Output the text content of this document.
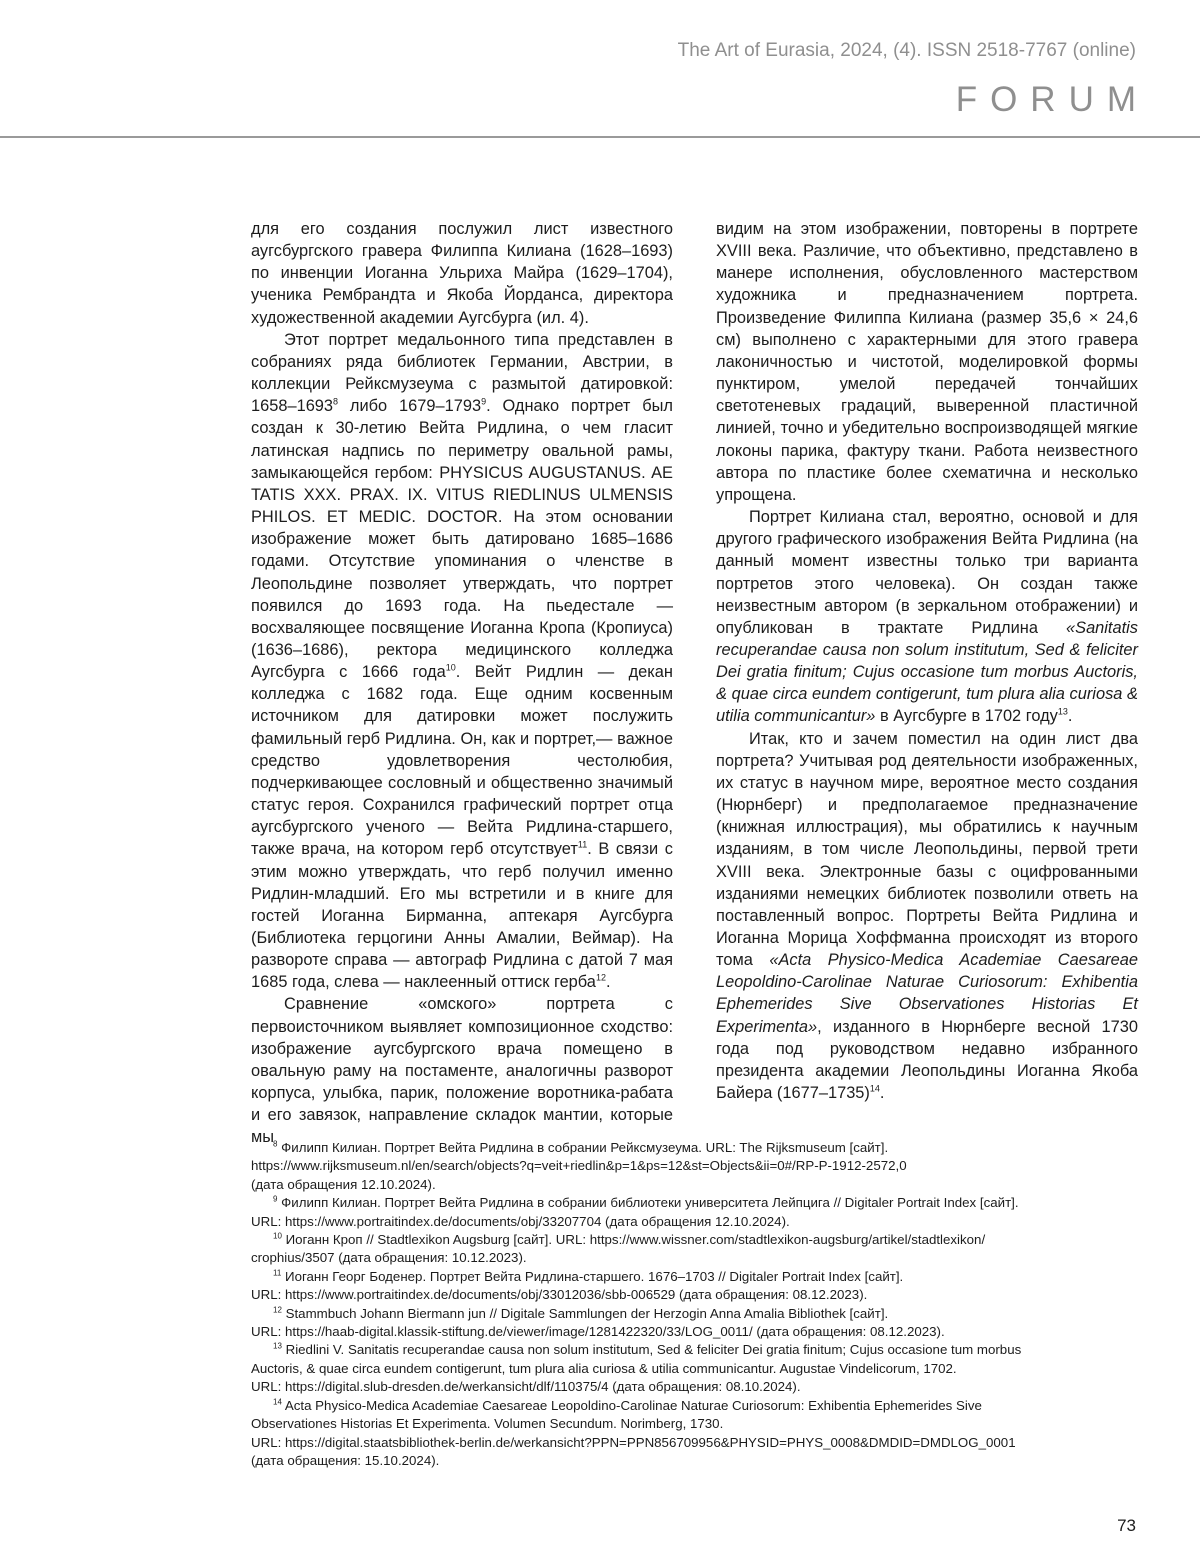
The Art of Eurasia, 2024, (4). ISSN 2518-7767 (online)
FORUM

для его создания послужил лист известного аугсбургского гравера Филиппа Килиана (1628–1693) по инвенции Иоганна Ульриха Майра (1629–1704), ученика Рембрандта и Якоба Йорданса, директора художественной академии Аугсбурга (ил. 4).

Этот портрет медальонного типа представлен в собраниях ряда библиотек Германии, Австрии, в коллекции Рейксмузеума с размытой датировкой: 1658–1693$^8$ либо 1679–1793$^9$. Однако портрет был создан к 30-летию Вейта Ридлина, о чем гласит латинская надпись по периметру овальной рамы, замыкающейся гербом: PHYSICUS AUGUSTANUS. AE TATIS XXX. PRAX. IX. VITUS RIEDLINUS ULMENSIS PHILOS. ET MEDIC. DOCTOR. На этом основании изображение может быть датировано 1685–1686 годами. Отсутствие упоминания о членстве в Леопольдине позволяет утверждать, что портрет появился до 1693 года. На пьедестале — восхваляющее посвящение Иоганна Кропа (Кропиуса) (1636–1686), ректора медицинского колледжа Аугсбурга с 1666 года$^{10}$. Вейт Ридлин — декан колледжа с 1682 года. Еще одним косвенным источником для датировки может послужить фамильный герб Ридлина. Он, как и портрет,— важное средство удовлетворения честолюбия, подчеркивающее сословный и общественно значимый статус героя. Сохранился графический портрет отца аугсбургского ученого — Вейта Ридлина-старшего, также врача, на котором герб отсутствует$^{11}$. В связи с этим можно утверждать, что герб получил именно Ридлин-младший. Его мы встретили и в книге для гостей Иоганна Бирманна, аптекаря Аугсбурга (Библиотека герцогини Анны Амалии, Веймар). На развороте справа — автограф Ридлина с датой 7 мая 1685 года, слева — наклеенный оттиск герба$^{12}$.

Сравнение «омского» портрета с первоисточником выявляет композиционное сходство: изображение аугсбургского врача помещено в овальную раму на постаменте, аналогичны разворот корпуса, улыбка, парик, положение воротника-рабата и его завязок, направление складок мантии, которые мы

видим на этом изображении, повторены в портрете XVIII века. Различие, что объективно, представлено в манере исполнения, обусловленного мастерством художника и предназначением портрета. Произведение Филиппа Килиана (размер 35,6 × 24,6 см) выполнено с характерными для этого гравера лаконичностью и чистотой, моделировкой формы пунктиром, умелой передачей тончайших светотеневых градаций, выверенной пластичной линией, точно и убедительно воспроизводящей мягкие локоны парика, фактуру ткани. Работа неизвестного автора по пластике более схематична и несколько упрощена.

Портрет Килиана стал, вероятно, основой и для другого графического изображения Вейта Ридлина (на данный момент известны только три варианта портретов этого человека). Он создан также неизвестным автором (в зеркальном отображении) и опубликован в трактате Ридлина «Sanitatis recuperandae causa non solum institutum, Sed & feliciter Dei gratia finitum; Cujus occasione tum morbus Auctoris, & quae circa eundem contigerunt, tum plura alia curiosa & utilia communicantur» в Аугсбурге в 1702 году$^{13}$.

Итак, кто и зачем поместил на один лист два портрета? Учитывая род деятельности изображенных, их статус в научном мире, вероятное место создания (Нюрнберг) и предполагаемое предназначение (книжная иллюстрация), мы обратились к научным изданиям, в том числе Леопольдины, первой трети XVIII века. Электронные базы с оцифрованными изданиями немецких библиотек позволили ответь на поставленный вопрос. Портреты Вейта Ридлина и Иоганна Морица Хоффманна происходят из второго тома «Acta Physico-Medica Academiae Caesareae Leopoldino-Carolinae Naturae Curiosorum: Exhibentia Ephemerides Sive Observationes Historias Et Experimenta», изданного в Нюрнберге весной 1730 года под руководством недавно избранного президента академии Леопольдины Иоганна Якоба Байера (1677–1735)$^{14}$.

$^8$ Филипп Килиан. Портрет Вейта Ридлина в собрании Рейксмузеума. URL: The Rijksmuseum [сайт].

https://www.rijksmuseum.nl/en/search/objects?q=veit+riedlin&p=1&ps=12&st=Objects&ii=0#/RP-P-1912-2572,0

(дата обращения 12.10.2024).

$^9$ Филипп Килиан. Портрет Вейта Ридлина в собрании библиотеки университета Лейпцига // Digitaler Portrait Index [сайт].

URL: https://www.portraitindex.de/documents/obj/33207704 (дата обращения 12.10.2024).

$^{10}$ Иоганн Кроп // Stadtlexikon Augsburg [сайт]. URL: https://www.wissner.com/stadtlexikon-augsburg/artikel/stadtlexikon/

crophius/3507 (дата обращения: 10.12.2023).

$^{11}$ Иоганн Георг Боденер. Портрет Вейта Ридлина-старшего. 1676–1703 // Digitaler Portrait Index [сайт].

URL: https://www.portraitindex.de/documents/obj/33012036/sbb-006529 (дата обращения: 08.12.2023).

$^{12}$ Stammbuch Johann Biermann jun // Digitale Sammlungen der Herzogin Anna Amalia Bibliothek [сайт].

URL: https://haab-digital.klassik-stiftung.de/viewer/image/1281422320/33/LOG_0011/ (дата обращения: 08.12.2023).

$^{13}$ Riedlini V. Sanitatis recuperandae causa non solum institutum, Sed & feliciter Dei gratia finitum; Cujus occasione tum morbus

Auctoris, & quae circa eundem contigerunt, tum plura alia curiosa & utilia communicantur. Augustae Vindelicorum, 1702.

URL: https://digital.slub-dresden.de/werkansicht/dlf/110375/4 (дата обращения: 08.10.2024).

$^{14}$ Acta Physico-Medica Academiae Caesareae Leopoldino-Carolinae Naturae Curiosorum: Exhibentia Ephemerides Sive

Observationes Historias Et Experimenta. Volumen Secundum. Norimberg, 1730.

URL: https://digital.staatsbibliothek-berlin.de/werkansicht?PPN=PPN856709956&PHYSID=PHYS_0008&DMDID=DMDLOG_0001

(дата обращения: 15.10.2024).

73
